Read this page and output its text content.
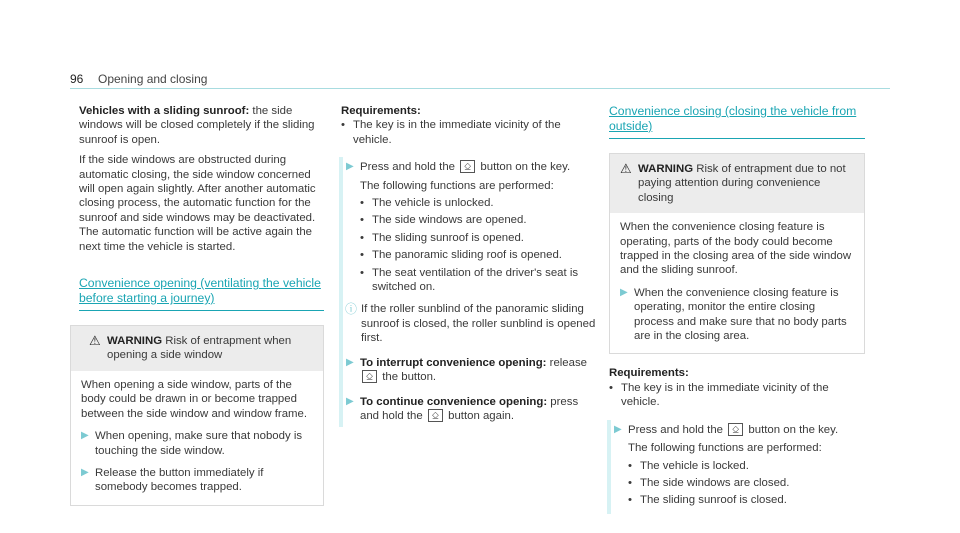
96 Opening and closing

Vehicles with a sliding sunroof: the side windows will be closed completely if the sliding sunroof is open.

If the side windows are obstructed during automatic closing, the side window concerned will open again slightly. After another automatic closing process, the automatic function for the sunroof and side windows may be deactivated. The automatic function will be active again the next time the vehicle is started.

Convenience opening (ventilating the vehicle before starting a journey)
⚠ WARNING Risk of entrapment when opening a side window

When opening a side window, parts of the body could be drawn in or become trapped between the side window and window frame.

▶ When opening, make sure that nobody is touching the side window.
▶ Release the button immediately if somebody becomes trapped.

Requirements:

• The key is in the immediate vicinity of the vehicle.
▶ Press and hold the ⎐ button on the key.

The following functions are performed:

• The vehicle is unlocked.
• The side windows are opened.
• The sliding sunroof is opened.
• The panoramic sliding roof is opened.
• The seat ventilation of the driver's seat is switched on.
ⓘ If the roller sunblind of the panoramic sliding sunroof is closed, the roller sunblind is opened first.
▶ To interrupt convenience opening: release
⎐ the button.
▶ To continue convenience opening: press and hold the ⎐ button again.
Convenience closing (closing the vehicle from outside)
⚠ WARNING Risk of entrapment due to not paying attention during convenience closing

When the convenience closing feature is operating, parts of the body could become trapped in the closing area of the side window and the sliding sunroof.

▶ When the convenience closing feature is operating, monitor the entire closing process and make sure that no body parts are in the closing area.

Requirements:

• The key is in the immediate vicinity of the vehicle.
▶ Press and hold the ⎐ button on the key.

The following functions are performed:

• The vehicle is locked.
• The side windows are closed.
• The sliding sunroof is closed.
